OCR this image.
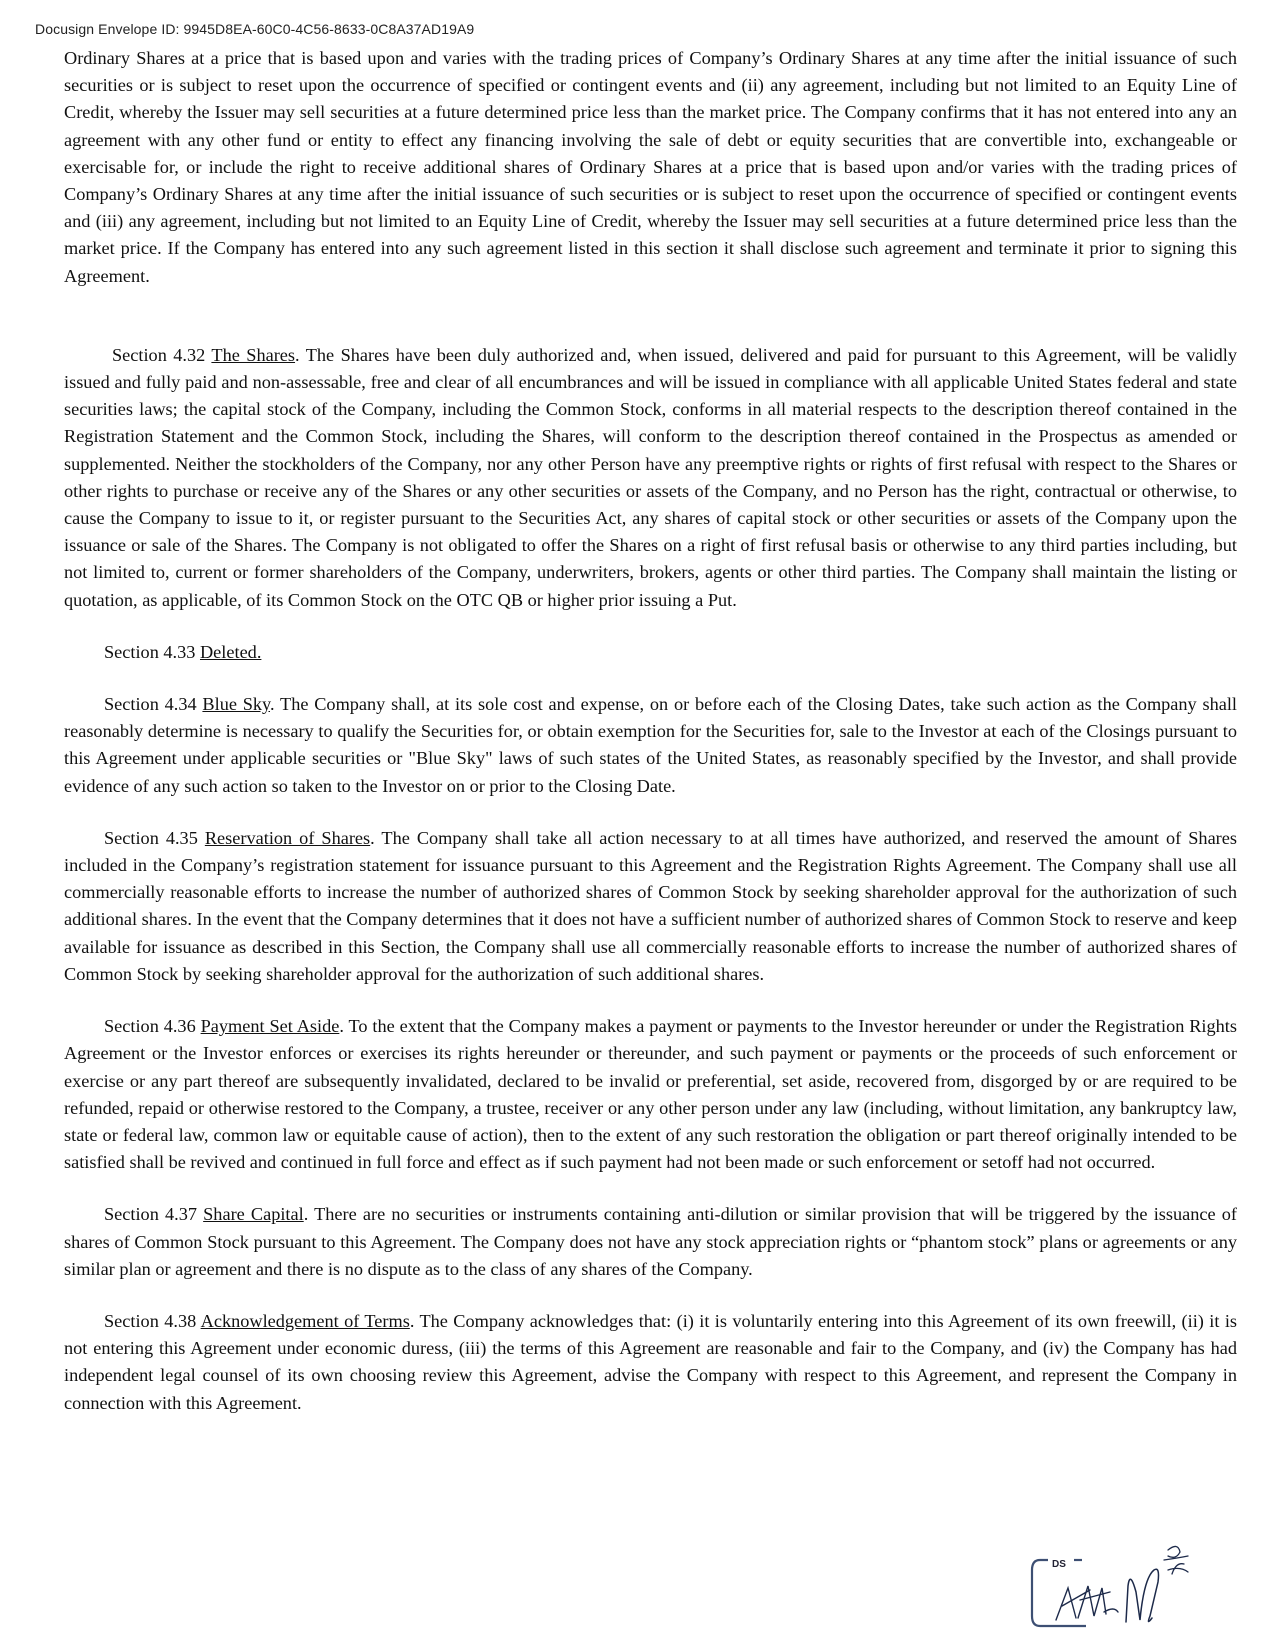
Docusign Envelope ID: 9945D8EA-60C0-4C56-8633-0C8A37AD19A9

Ordinary Shares at a price that is based upon and varies with the trading prices of Company’s Ordinary Shares at any time after the initial issuance of such securities or is subject to reset upon the occurrence of specified or contingent events and (ii) any agreement, including but not limited to an Equity Line of Credit, whereby the Issuer may sell securities at a future determined price less than the market price. The Company confirms that it has not entered into any an agreement with any other fund or entity to effect any financing involving the sale of debt or equity securities that are convertible into, exchangeable or exercisable for, or include the right to receive additional shares of Ordinary Shares at a price that is based upon and/or varies with the trading prices of Company’s Ordinary Shares at any time after the initial issuance of such securities or is subject to reset upon the occurrence of specified or contingent events and (iii) any agreement, including but not limited to an Equity Line of Credit, whereby the Issuer may sell securities at a future determined price less than the market price. If the Company has entered into any such agreement listed in this section it shall disclose such agreement and terminate it prior to signing this Agreement.

Section 4.32 The Shares. The Shares have been duly authorized and, when issued, delivered and paid for pursuant to this Agreement, will be validly issued and fully paid and non-assessable, free and clear of all encumbrances and will be issued in compliance with all applicable United States federal and state securities laws; the capital stock of the Company, including the Common Stock, conforms in all material respects to the description thereof contained in the Registration Statement and the Common Stock, including the Shares, will conform to the description thereof contained in the Prospectus as amended or supplemented. Neither the stockholders of the Company, nor any other Person have any preemptive rights or rights of first refusal with respect to the Shares or other rights to purchase or receive any of the Shares or any other securities or assets of the Company, and no Person has the right, contractual or otherwise, to cause the Company to issue to it, or register pursuant to the Securities Act, any shares of capital stock or other securities or assets of the Company upon the issuance or sale of the Shares. The Company is not obligated to offer the Shares on a right of first refusal basis or otherwise to any third parties including, but not limited to, current or former shareholders of the Company, underwriters, brokers, agents or other third parties. The Company shall maintain the listing or quotation, as applicable, of its Common Stock on the OTC QB or higher prior issuing a Put.

Section 4.33 Deleted.

Section 4.34 Blue Sky. The Company shall, at its sole cost and expense, on or before each of the Closing Dates, take such action as the Company shall reasonably determine is necessary to qualify the Securities for, or obtain exemption for the Securities for, sale to the Investor at each of the Closings pursuant to this Agreement under applicable securities or "Blue Sky" laws of such states of the United States, as reasonably specified by the Investor, and shall provide evidence of any such action so taken to the Investor on or prior to the Closing Date.

Section 4.35 Reservation of Shares. The Company shall take all action necessary to at all times have authorized, and reserved the amount of Shares included in the Company’s registration statement for issuance pursuant to this Agreement and the Registration Rights Agreement. The Company shall use all commercially reasonable efforts to increase the number of authorized shares of Common Stock by seeking shareholder approval for the authorization of such additional shares. In the event that the Company determines that it does not have a sufficient number of authorized shares of Common Stock to reserve and keep available for issuance as described in this Section, the Company shall use all commercially reasonable efforts to increase the number of authorized shares of Common Stock by seeking shareholder approval for the authorization of such additional shares.

Section 4.36 Payment Set Aside. To the extent that the Company makes a payment or payments to the Investor hereunder or under the Registration Rights Agreement or the Investor enforces or exercises its rights hereunder or thereunder, and such payment or payments or the proceeds of such enforcement or exercise or any part thereof are subsequently invalidated, declared to be invalid or preferential, set aside, recovered from, disgorged by or are required to be refunded, repaid or otherwise restored to the Company, a trustee, receiver or any other person under any law (including, without limitation, any bankruptcy law, state or federal law, common law or equitable cause of action), then to the extent of any such restoration the obligation or part thereof originally intended to be satisfied shall be revived and continued in full force and effect as if such payment had not been made or such enforcement or setoff had not occurred.

Section 4.37 Share Capital. There are no securities or instruments containing anti-dilution or similar provision that will be triggered by the issuance of shares of Common Stock pursuant to this Agreement. The Company does not have any stock appreciation rights or “phantom stock” plans or agreements or any similar plan or agreement and there is no dispute as to the class of any shares of the Company.

Section 4.38 Acknowledgement of Terms. The Company acknowledges that: (i) it is voluntarily entering into this Agreement of its own freewill, (ii) it is not entering this Agreement under economic duress, (iii) the terms of this Agreement are reasonable and fair to the Company, and (iv) the Company has had independent legal counsel of its own choosing review this Agreement, advise the Company with respect to this Agreement, and represent the Company in connection with this Agreement.

DS
